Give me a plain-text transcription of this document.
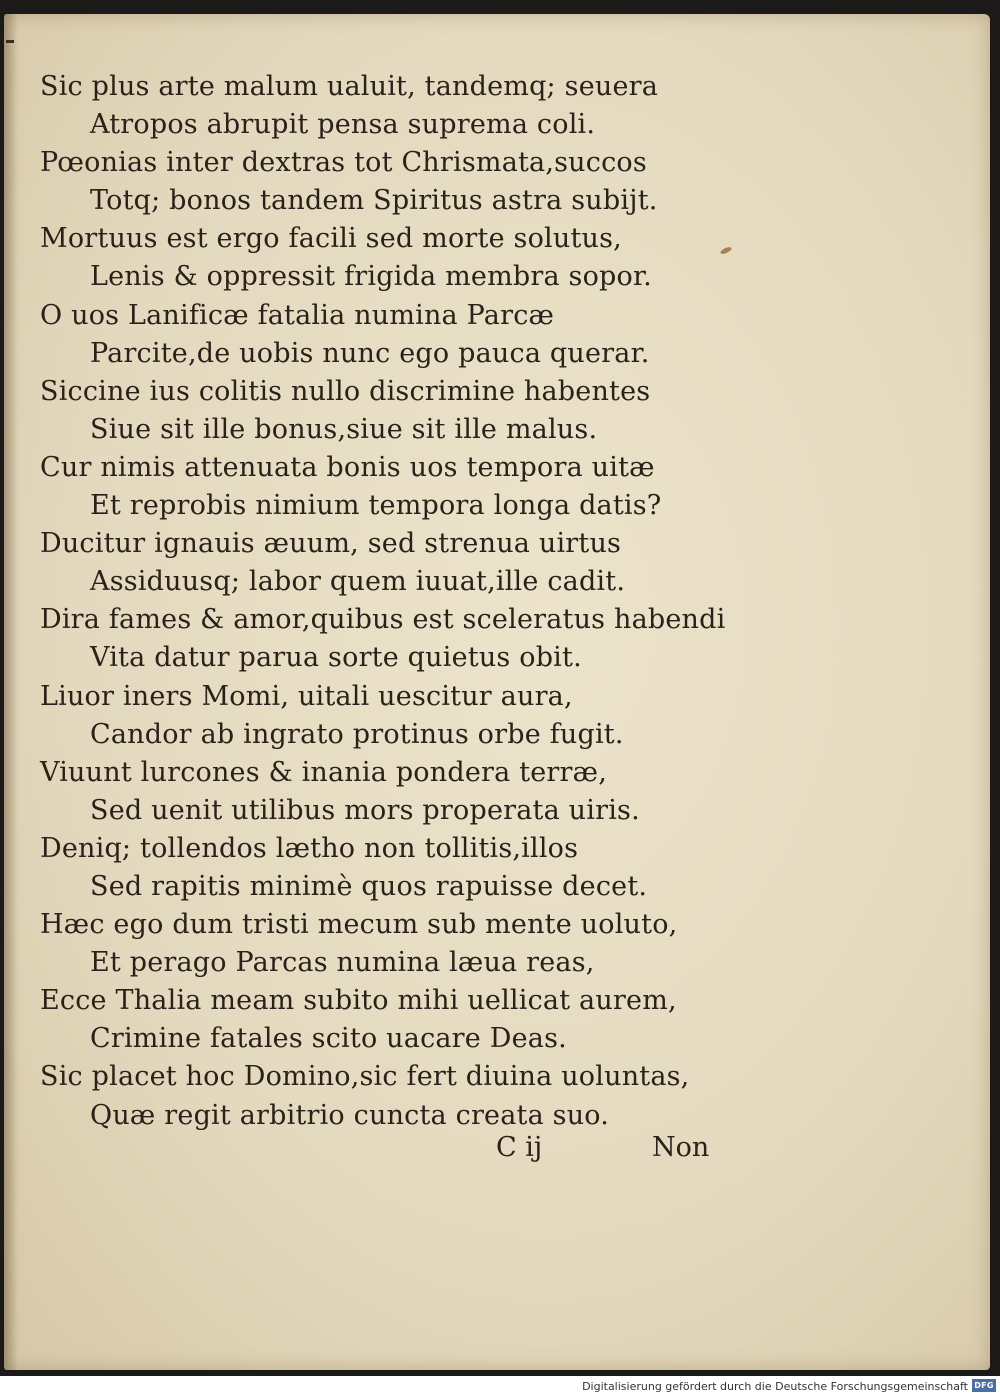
Sic plus arte malum ualuit, tandemq; seuera
Atropos abrupit pensa suprema coli.
Pœonias inter dextras tot Chrismata,succos
Totq; bonos tandem Spiritus astra subijt.
Mortuus est ergo facili sed morte solutus,
Lenis & oppressit frigida membra sopor.
O uos Lanificæ fatalia numina Parcæ
Parcite,de uobis nunc ego pauca querar.
Siccine ius colitis nullo discrimine habentes
Siue sit ille bonus,siue sit ille malus.
Cur nimis attenuata bonis uos tempora uitæ
Et reprobis nimium tempora longa datis?
Ducitur ignauis æuum, sed strenua uirtus
Assiduusq; labor quem iuuat,ille cadit.
Dira fames & amor,quibus est sceleratus habendi
Vita datur parua sorte quietus obit.
Liuor iners Momi, uitali uescitur aura,
Candor ab ingrato protinus orbe fugit.
Viuunt lurcones & inania pondera terræ,
Sed uenit utilibus mors properata uiris.
Deniq; tollendos læthо non tollitis,illos
Sed rapitis minimè quos rapuisse decet.
Hæc ego dum tristi mecum sub mente uoluto,
Et perago Parcas numina læua reas,
Ecce Thalia meam subito mihi uellicat aurem,
Crimine fatales scito uacare Deas.
Sic placet hoc Domino,sic fert diuina uoluntas,
Quæ regit arbitrio cuncta creata suo.
C ij	Non
Digitalisierung gefördert durch die Deutsche Forschungsgemeinschaft DFG
